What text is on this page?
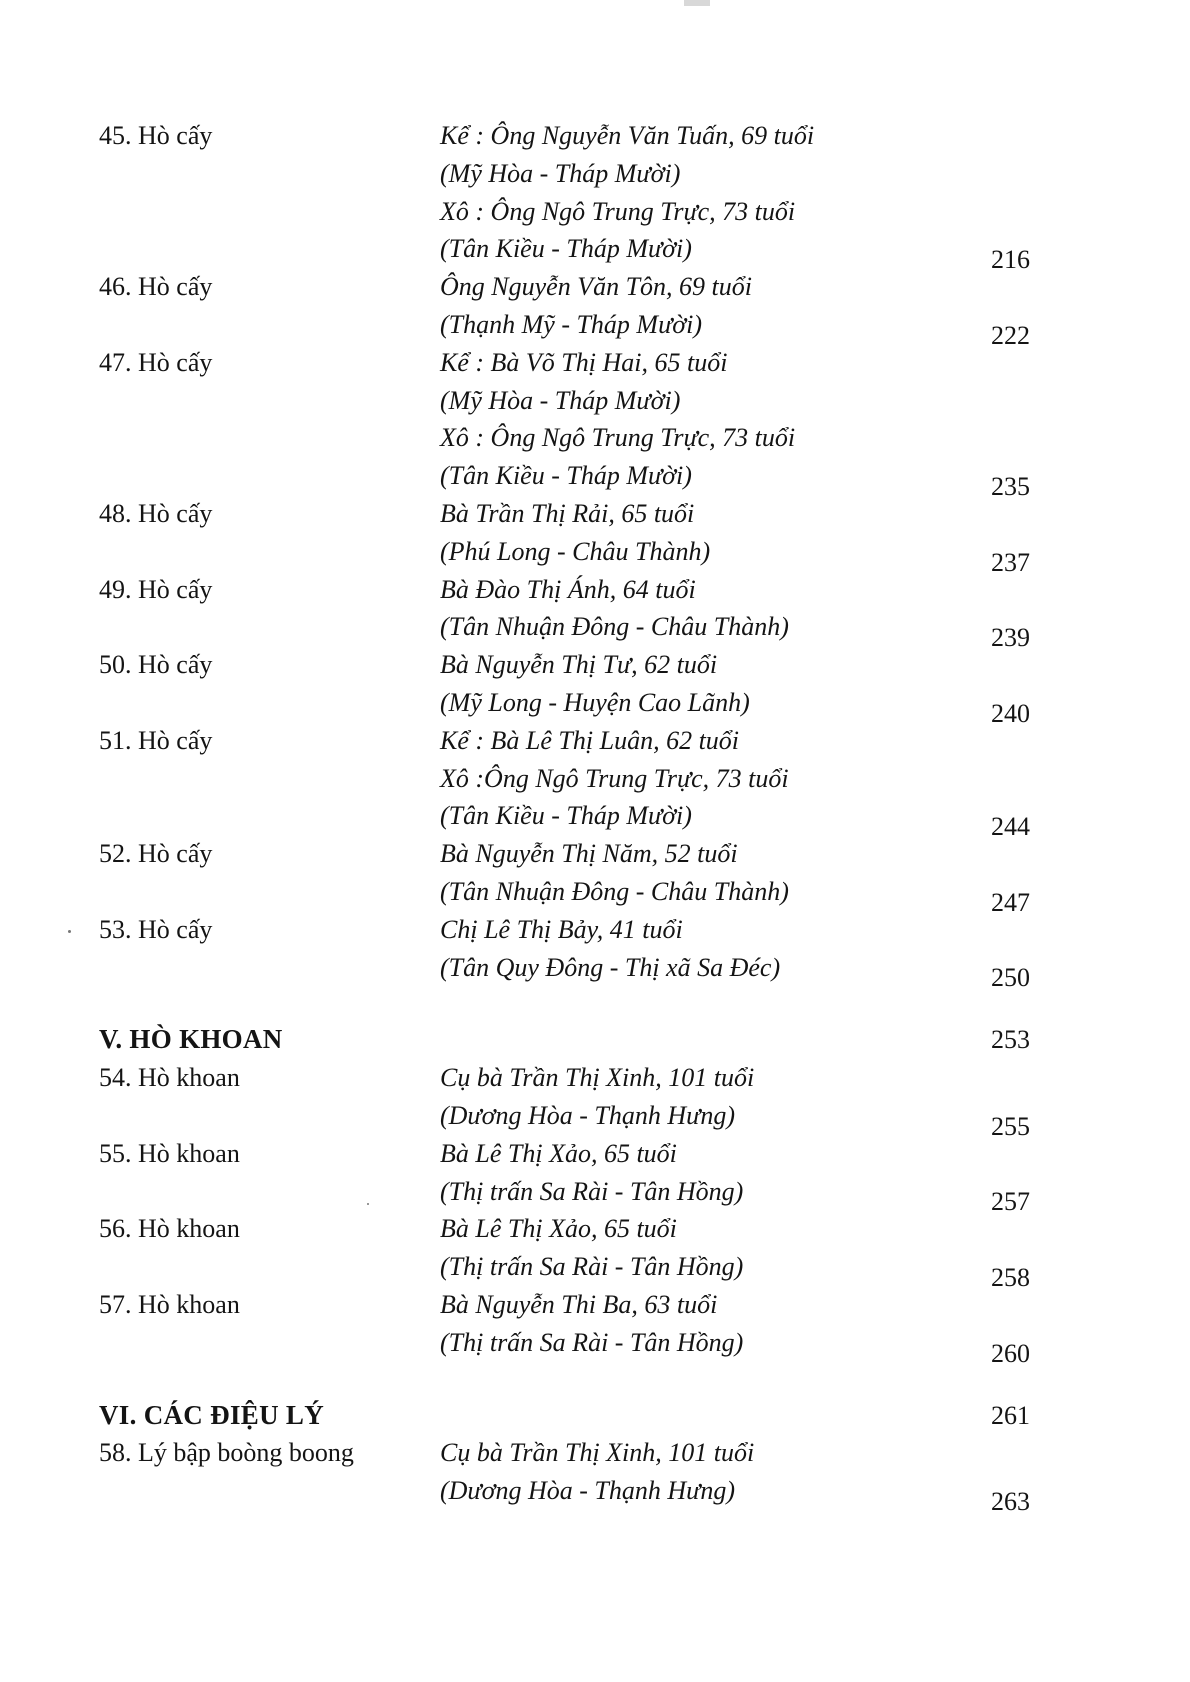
45. Hò cấy	Kể : Ông Nguyễn Văn Tuấn, 69 tuổi
(Mỹ Hòa - Tháp Mười)
Xô : Ông Ngô Trung Trực, 73 tuổi
(Tân Kiều - Tháp Mười)	216
46. Hò cấy	Ông Nguyễn Văn Tôn, 69 tuổi
(Thạnh Mỹ - Tháp Mười)	222
47. Hò cấy	Kể : Bà Võ Thị Hai, 65 tuổi
(Mỹ Hòa - Tháp Mười)
Xô : Ông Ngô Trung Trực, 73 tuổi
(Tân Kiều - Tháp Mười)	235
48. Hò cấy	Bà Trần Thị Rải, 65 tuổi
(Phú Long - Châu Thành)	237
49. Hò cấy	Bà Đào Thị Ánh, 64 tuổi
(Tân Nhuận Đông - Châu Thành)	239
50. Hò cấy	Bà Nguyễn Thị Tư, 62 tuổi
(Mỹ Long - Huyện Cao Lãnh)	240
51. Hò cấy	Kể : Bà Lê Thị Luân, 62 tuổi
Xô :Ông Ngô Trung Trực, 73 tuổi
(Tân Kiều - Tháp Mười)	244
52. Hò cấy	Bà Nguyễn Thị Năm, 52 tuổi
(Tân Nhuận Đông - Châu Thành)	247
53. Hò cấy	Chị Lê Thị Bảy, 41 tuổi
(Tân Quy Đông - Thị xã Sa Đéc)	250
V. HÒ KHOAN	253
54. Hò khoan	Cụ bà Trần Thị Xinh, 101 tuổi
(Dương Hòa - Thạnh Hưng)	255
55. Hò khoan	Bà Lê Thị Xảo, 65 tuổi
(Thị trấn Sa Rài - Tân Hồng)	257
56. Hò khoan	Bà Lê Thị Xảo, 65 tuổi
(Thị trấn Sa Rài - Tân Hồng)	258
57. Hò khoan	Bà Nguyễn Thi Ba, 63 tuổi
(Thị trấn Sa Rài - Tân Hồng)	260
VI. CÁC ĐIỆU LÝ	261
58. Lý bập boòng boong	Cụ bà Trần Thị Xinh, 101 tuổi
(Dương Hòa - Thạnh Hưng)	263
